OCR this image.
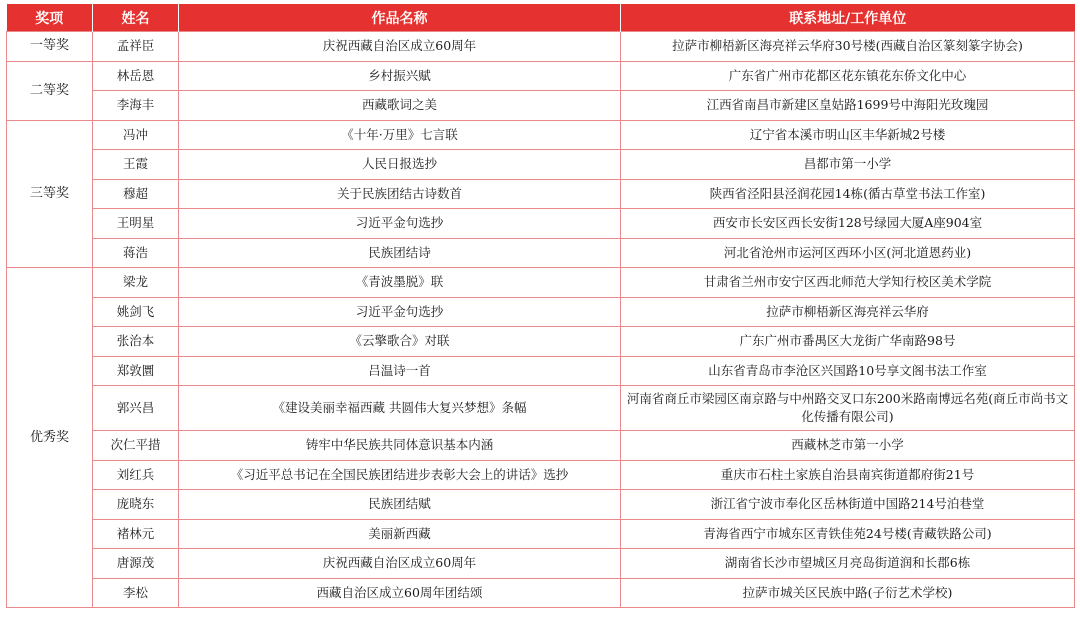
奖项	姓名	作品名称	联系地址/工作单位
一等奖	孟祥臣	庆祝西藏自治区成立60周年	拉萨市柳梧新区海亮祥云华府30号楼(西藏自治区篆刻篆字协会)
二等奖	林岳恩	乡村振兴赋	广东省广州市花都区花东镇花东侨文化中心
	李海丰	西藏歌词之美	江西省南昌市新建区皇姑路1699号中海阳光玫瑰园
三等奖	冯冲	《十年·万里》七言联	辽宁省本溪市明山区丰华新城2号楼
	王霞	人民日报选抄	昌都市第一小学
	穆超	关于民族团结古诗数首	陕西省泾阳县泾润花园14栋(循古草堂书法工作室)
	王明星	习近平金句选抄	西安市长安区西长安街128号绿园大厦A座904室
	蒋浩	民族团结诗	河北省沧州市运河区西环小区(河北道恩药业)
优秀奖	梁龙	《青波墨脱》联	甘肃省兰州市安宁区西北师范大学知行校区美术学院
	姚剑飞	习近平金句选抄	拉萨市柳梧新区海亮祥云华府
	张治本	《云擎歌合》对联	广东广州市番禺区大龙街广华南路98号
	郑敦圜	吕温诗一首	山东省青岛市李沧区兴国路10号享文阁书法工作室
	郭兴昌	《建设美丽幸福西藏 共圆伟大复兴梦想》条幅	河南省商丘市梁园区南京路与中州路交叉口东200米路南博远名苑(商丘市尚书文化传播有限公司)
	次仁平措	铸牢中华民族共同体意识基本内涵	西藏林芝市第一小学
	刘红兵	《习近平总书记在全国民族团结进步表彰大会上的讲话》选抄	重庆市石柱土家族自治县南宾街道都府街21号
	庞晓东	民族团结赋	浙江省宁波市奉化区岳林街道中国路214号泊巷堂
	褚林元	美丽新西藏	青海省西宁市城东区青铁佳苑24号楼(青藏铁路公司)
	唐源茂	庆祝西藏自治区成立60周年	湖南省长沙市望城区月亮岛街道润和长郡6栋
	李松	西藏自治区成立60周年团结颂	拉萨市城关区民族中路(子衍艺术学校)
